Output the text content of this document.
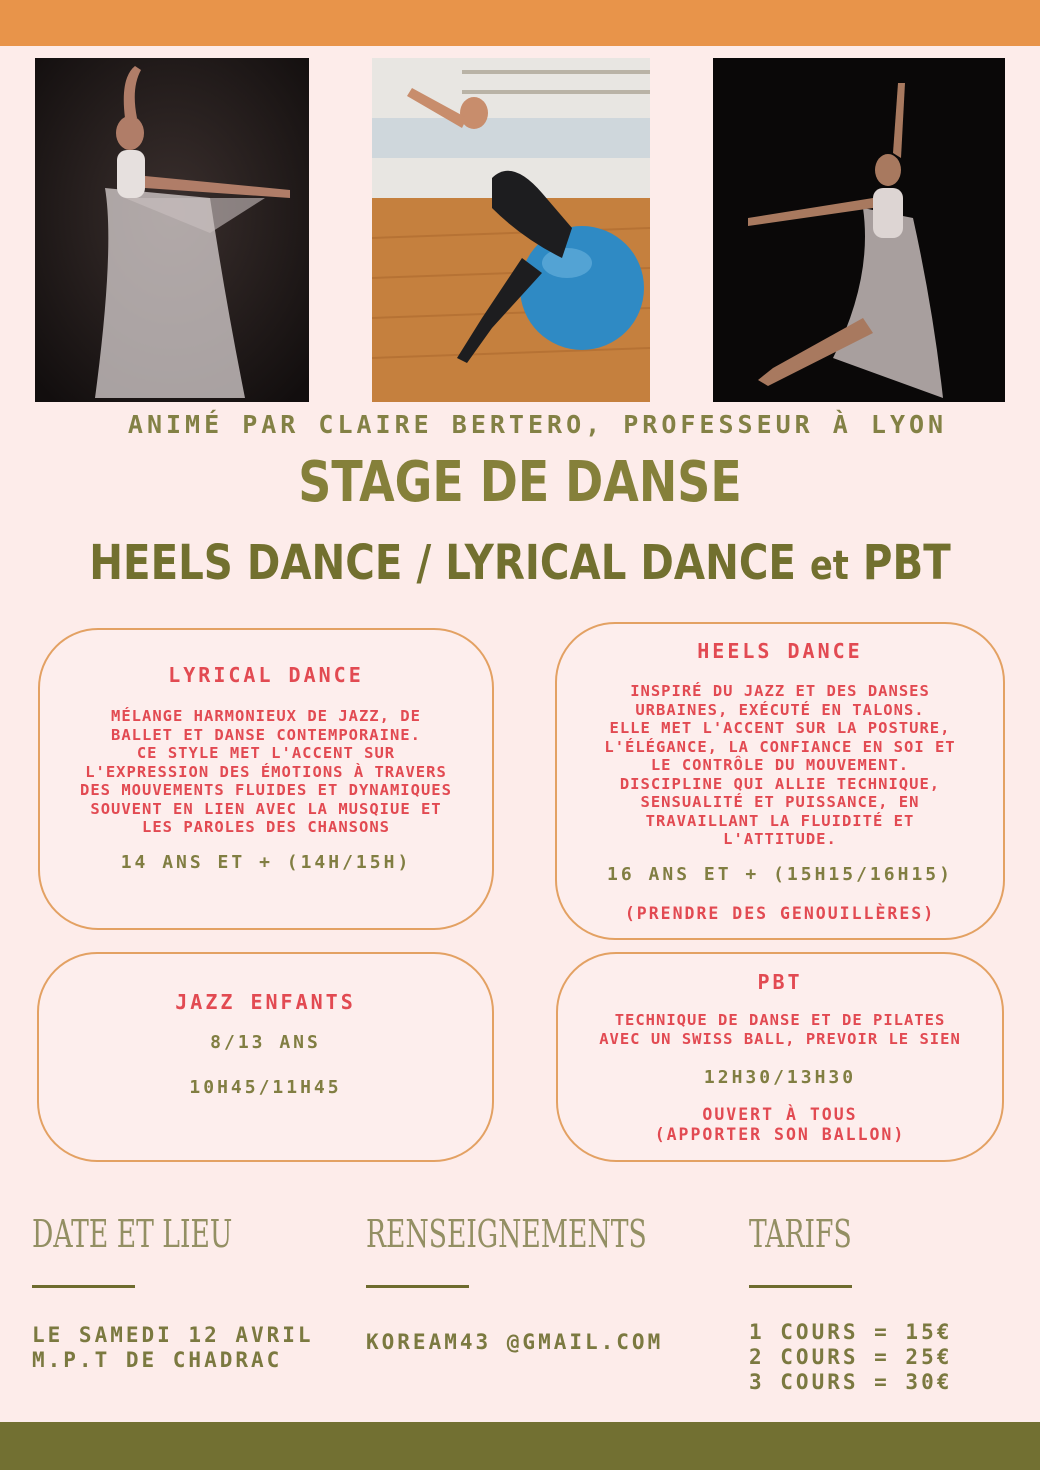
ANIMÉ PAR CLAIRE BERTERO, PROFESSEUR À LYON
STAGE DE DANSE
HEELS DANCE / LYRICAL DANCE et PBT
LYRICAL DANCE
MÉLANGE HARMONIEUX DE JAZZ, DE
BALLET ET DANSE CONTEMPORAINE.
CE STYLE MET L'ACCENT SUR
L'EXPRESSION DES ÉMOTIONS À TRAVERS
DES MOUVEMENTS FLUIDES ET DYNAMIQUES
SOUVENT EN LIEN AVEC LA MUSQIUE ET
LES PAROLES DES CHANSONS
14 ANS ET + (14H/15H)
HEELS DANCE
INSPIRÉ DU JAZZ ET DES DANSES
URBAINES, EXÉCUTÉ EN TALONS.
ELLE MET L'ACCENT SUR LA POSTURE,
L'ÉLÉGANCE, LA CONFIANCE EN SOI ET
LE CONTRÔLE DU MOUVEMENT.
DISCIPLINE QUI ALLIE TECHNIQUE,
SENSUALITÉ ET PUISSANCE, EN
TRAVAILLANT LA FLUIDITÉ ET
L'ATTITUDE.
16 ANS ET + (15H15/16H15)
(PRENDRE DES GENOUILLÈRES)
JAZZ ENFANTS
8/13 ANS
10H45/11H45
PBT
TECHNIQUE DE DANSE ET DE PILATES
AVEC UN SWISS BALL, PREVOIR LE SIEN
12H30/13H30
OUVERT À TOUS
(APPORTER SON BALLON)
DATE ET LIEU
LE SAMEDI 12 AVRIL
M.P.T DE CHADRAC
RENSEIGNEMENTS
KOREAM43 @GMAIL.COM
TARIFS
1 COURS = 15€
2 COURS = 25€
3 COURS = 30€
